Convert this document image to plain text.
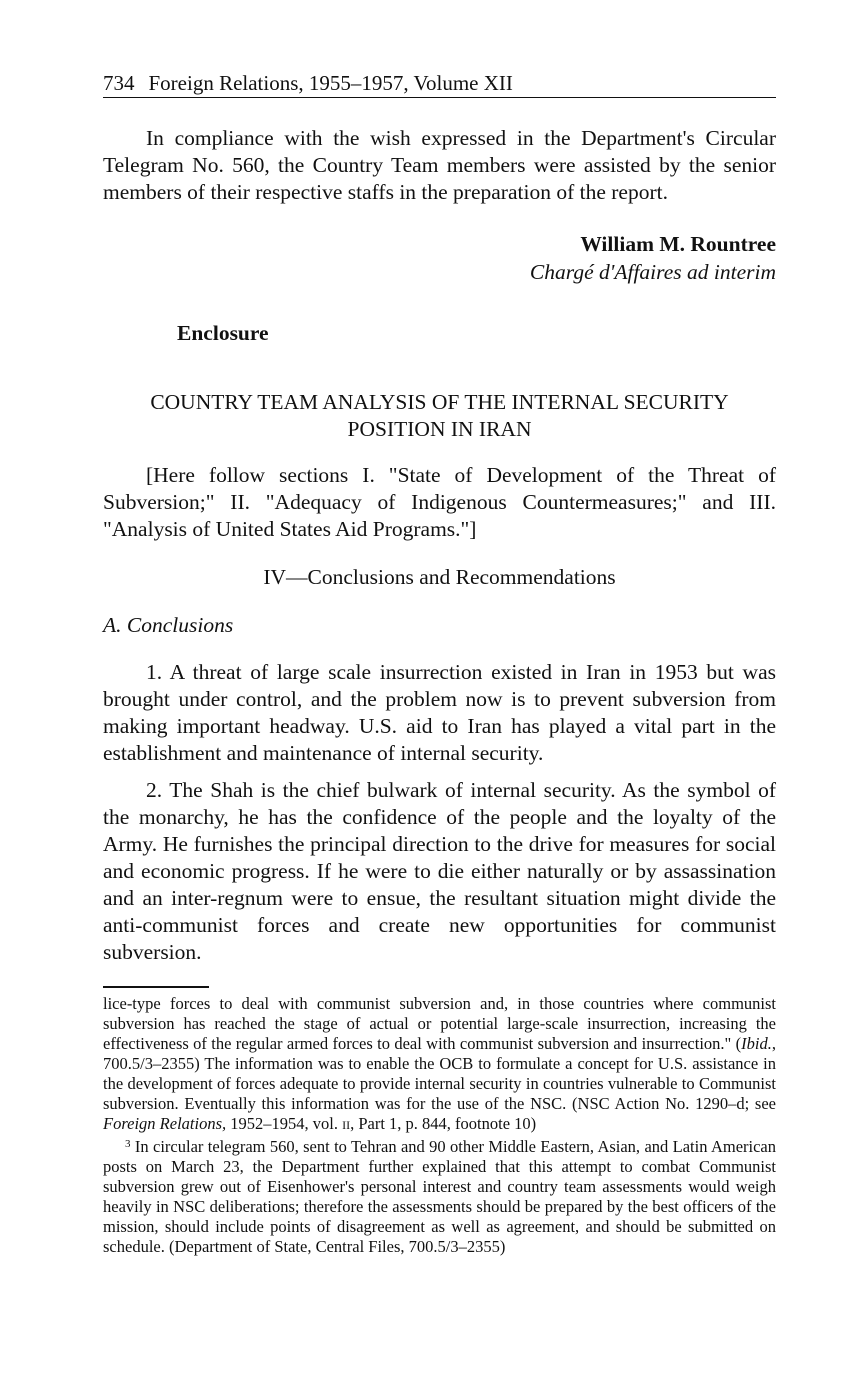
734 Foreign Relations, 1955–1957, Volume XII

In compliance with the wish expressed in the Department's Circular Telegram No. 560, the Country Team members were assisted by the senior members of their respective staffs in the preparation of the report.

William M. Rountree
Chargé d'Affaires ad interim
Enclosure
COUNTRY TEAM ANALYSIS OF THE INTERNAL SECURITY
POSITION IN IRAN

[Here follow sections I. "State of Development of the Threat of Subversion;" II. "Adequacy of Indigenous Countermeasures;" and III. "Analysis of United States Aid Programs."]

IV—Conclusions and Recommendations
A. Conclusions

1. A threat of large scale insurrection existed in Iran in 1953 but was brought under control, and the problem now is to prevent subversion from making important headway. U.S. aid to Iran has played a vital part in the establishment and maintenance of internal security.

2. The Shah is the chief bulwark of internal security. As the symbol of the monarchy, he has the confidence of the people and the loyalty of the Army. He furnishes the principal direction to the drive for measures for social and economic progress. If he were to die either naturally or by assassination and an inter-regnum were to ensue, the resultant situation might divide the anti-communist forces and create new opportunities for communist subversion.

lice-type forces to deal with communist subversion and, in those countries where communist subversion has reached the stage of actual or potential large-scale insurrection, increasing the effectiveness of the regular armed forces to deal with communist subversion and insurrection." (Ibid., 700.5/3–2355) The information was to enable the OCB to formulate a concept for U.S. assistance in the development of forces adequate to provide internal security in countries vulnerable to Communist subversion. Eventually this information was for the use of the NSC. (NSC Action No. 1290–d; see Foreign Relations, 1952–1954, vol. ii, Part 1, p. 844, footnote 10)

$^3$ In circular telegram 560, sent to Tehran and 90 other Middle Eastern, Asian, and Latin American posts on March 23, the Department further explained that this attempt to combat Communist subversion grew out of Eisenhower's personal interest and country team assessments would weigh heavily in NSC deliberations; therefore the assessments should be prepared by the best officers of the mission, should include points of disagreement as well as agreement, and should be submitted on schedule. (Department of State, Central Files, 700.5/3–2355)
